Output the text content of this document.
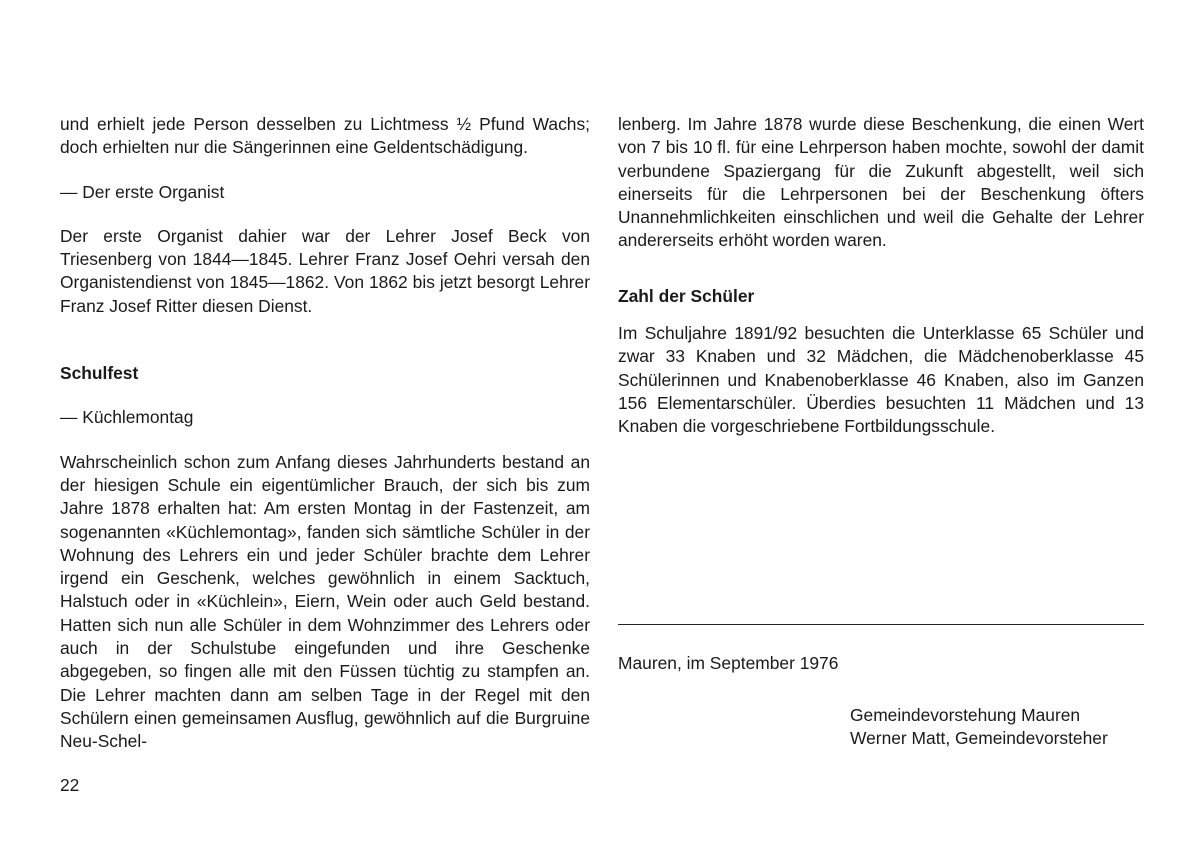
und erhielt jede Person desselben zu Lichtmess ½ Pfund Wachs; doch erhielten nur die Sängerinnen eine Geldentschädigung.

— Der erste Organist

Der erste Organist dahier war der Lehrer Josef Beck von Triesenberg von 1844—1845. Lehrer Franz Josef Oehri versah den Organistendienst von 1845—1862. Von 1862 bis jetzt besorgt Lehrer Franz Josef Ritter diesen Dienst.

Schulfest

— Küchlemontag

Wahrscheinlich schon zum Anfang dieses Jahrhunderts bestand an der hiesigen Schule ein eigentümlicher Brauch, der sich bis zum Jahre 1878 erhalten hat: Am ersten Montag in der Fastenzeit, am sogenannten «Küchlemontag», fanden sich sämtliche Schüler in der Wohnung des Lehrers ein und jeder Schüler brachte dem Lehrer irgend ein Geschenk, welches gewöhnlich in einem Sacktuch, Halstuch oder in «Küchlein», Eiern, Wein oder auch Geld bestand. Hatten sich nun alle Schüler in dem Wohnzimmer des Lehrers oder auch in der Schulstube eingefunden und ihre Geschenke abgegeben, so fingen alle mit den Füssen tüchtig zu stampfen an. Die Lehrer machten dann am selben Tage in der Regel mit den Schülern einen gemeinsamen Ausflug, gewöhnlich auf die Burgruine Neu-Schel-

lenberg. Im Jahre 1878 wurde diese Beschenkung, die einen Wert von 7 bis 10 fl. für eine Lehrperson haben mochte, sowohl der damit verbundene Spaziergang für die Zukunft abgestellt, weil sich einerseits für die Lehrpersonen bei der Beschenkung öfters Unannehmlichkeiten einschlichen und weil die Gehalte der Lehrer andererseits erhöht worden waren.

Zahl der Schüler

Im Schuljahre 1891/92 besuchten die Unterklasse 65 Schüler und zwar 33 Knaben und 32 Mädchen, die Mädchenoberklasse 45 Schülerinnen und Knabenoberklasse 46 Knaben, also im Ganzen 156 Elementarschüler. Überdies besuchten 11 Mädchen und 13 Knaben die vorgeschriebene Fortbildungsschule.

Mauren, im September 1976
Gemeindevorstehung Mauren
Werner Matt, Gemeindevorsteher
22
